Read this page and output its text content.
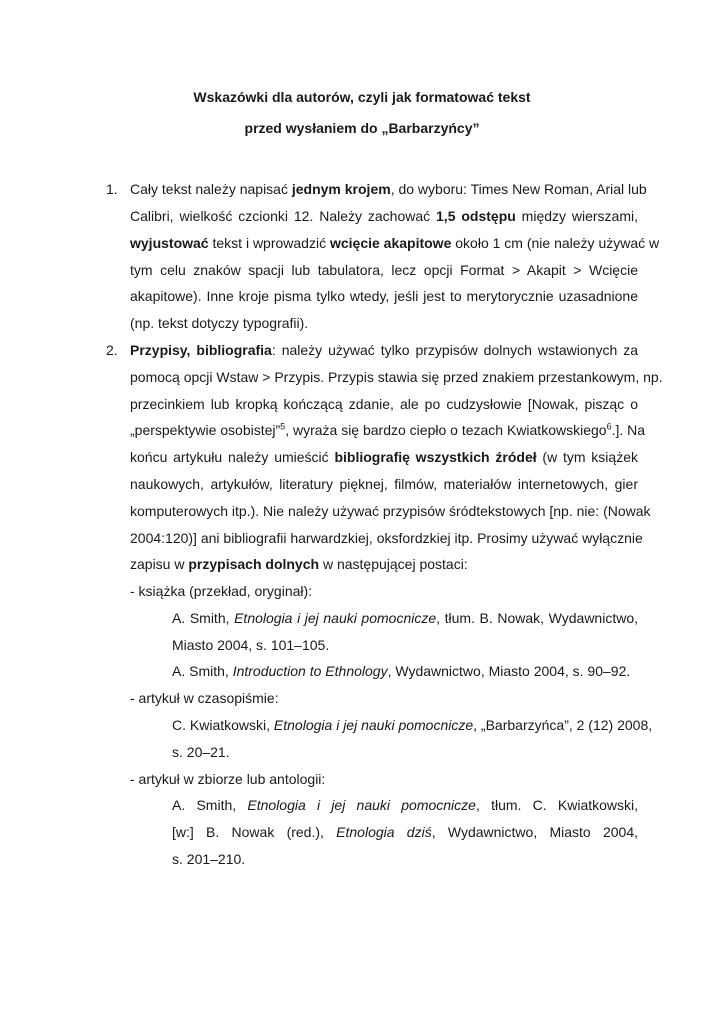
Wskazówki dla autorów, czyli jak formatować tekst
przed wysłaniem do „Barbarzyńcy”
1. Cały tekst należy napisać jednym krojem, do wyboru: Times New Roman, Arial lub
Calibri, wielkość czcionki 12. Należy zachować 1,5 odstępu między wierszami,
wyjustować tekst i wprowadzić wcięcie akapitowe około 1 cm (nie należy używać w
tym celu znaków spacji lub tabulatora, lecz opcji Format > Akapit > Wcięcie
akapitowe). Inne kroje pisma tylko wtedy, jeśli jest to merytorycznie uzasadnione
(np. tekst dotyczy typografii).
2. Przypisy, bibliografia: należy używać tylko przypisów dolnych wstawionych za
pomocą opcji Wstaw > Przypis. Przypis stawia się przed znakiem przestankowym, np.
przecinkiem lub kropką kończącą zdanie, ale po cudzysłowie [Nowak, pisząc o
„perspektywie osobistej”$^5$, wyraża się bardzo ciepło o tezach Kwiatkowskiego$^6$.]. Na
końcu artykułu należy umieścić bibliografię wszystkich źródeł (w tym książek
naukowych, artykułów, literatury pięknej, filmów, materiałów internetowych, gier
komputerowych itp.). Nie należy używać przypisów śródtekstowych [np. nie: (Nowak
2004:120)] ani bibliografii harwardzkiej, oksfordzkiej itp. Prosimy używać wyłącznie
zapisu w przypisach dolnych w następującej postaci:
- książka (przekład, oryginał):
A. Smith, Etnologia i jej nauki pomocnicze, tłum. B. Nowak, Wydawnictwo,
Miasto 2004, s. 101–105.
A. Smith, Introduction to Ethnology, Wydawnictwo, Miasto 2004, s. 90–92.
- artykuł w czasopiśmie:
C. Kwiatkowski, Etnologia i jej nauki pomocnicze, „Barbarzyńca”, 2 (12) 2008,
s. 20–21.
- artykuł w zbiorze lub antologii:
A. Smith, Etnologia i jej nauki pomocnicze, tłum. C. Kwiatkowski,
[w:] B. Nowak (red.), Etnologia dziś, Wydawnictwo, Miasto 2004,
s. 201–210.
